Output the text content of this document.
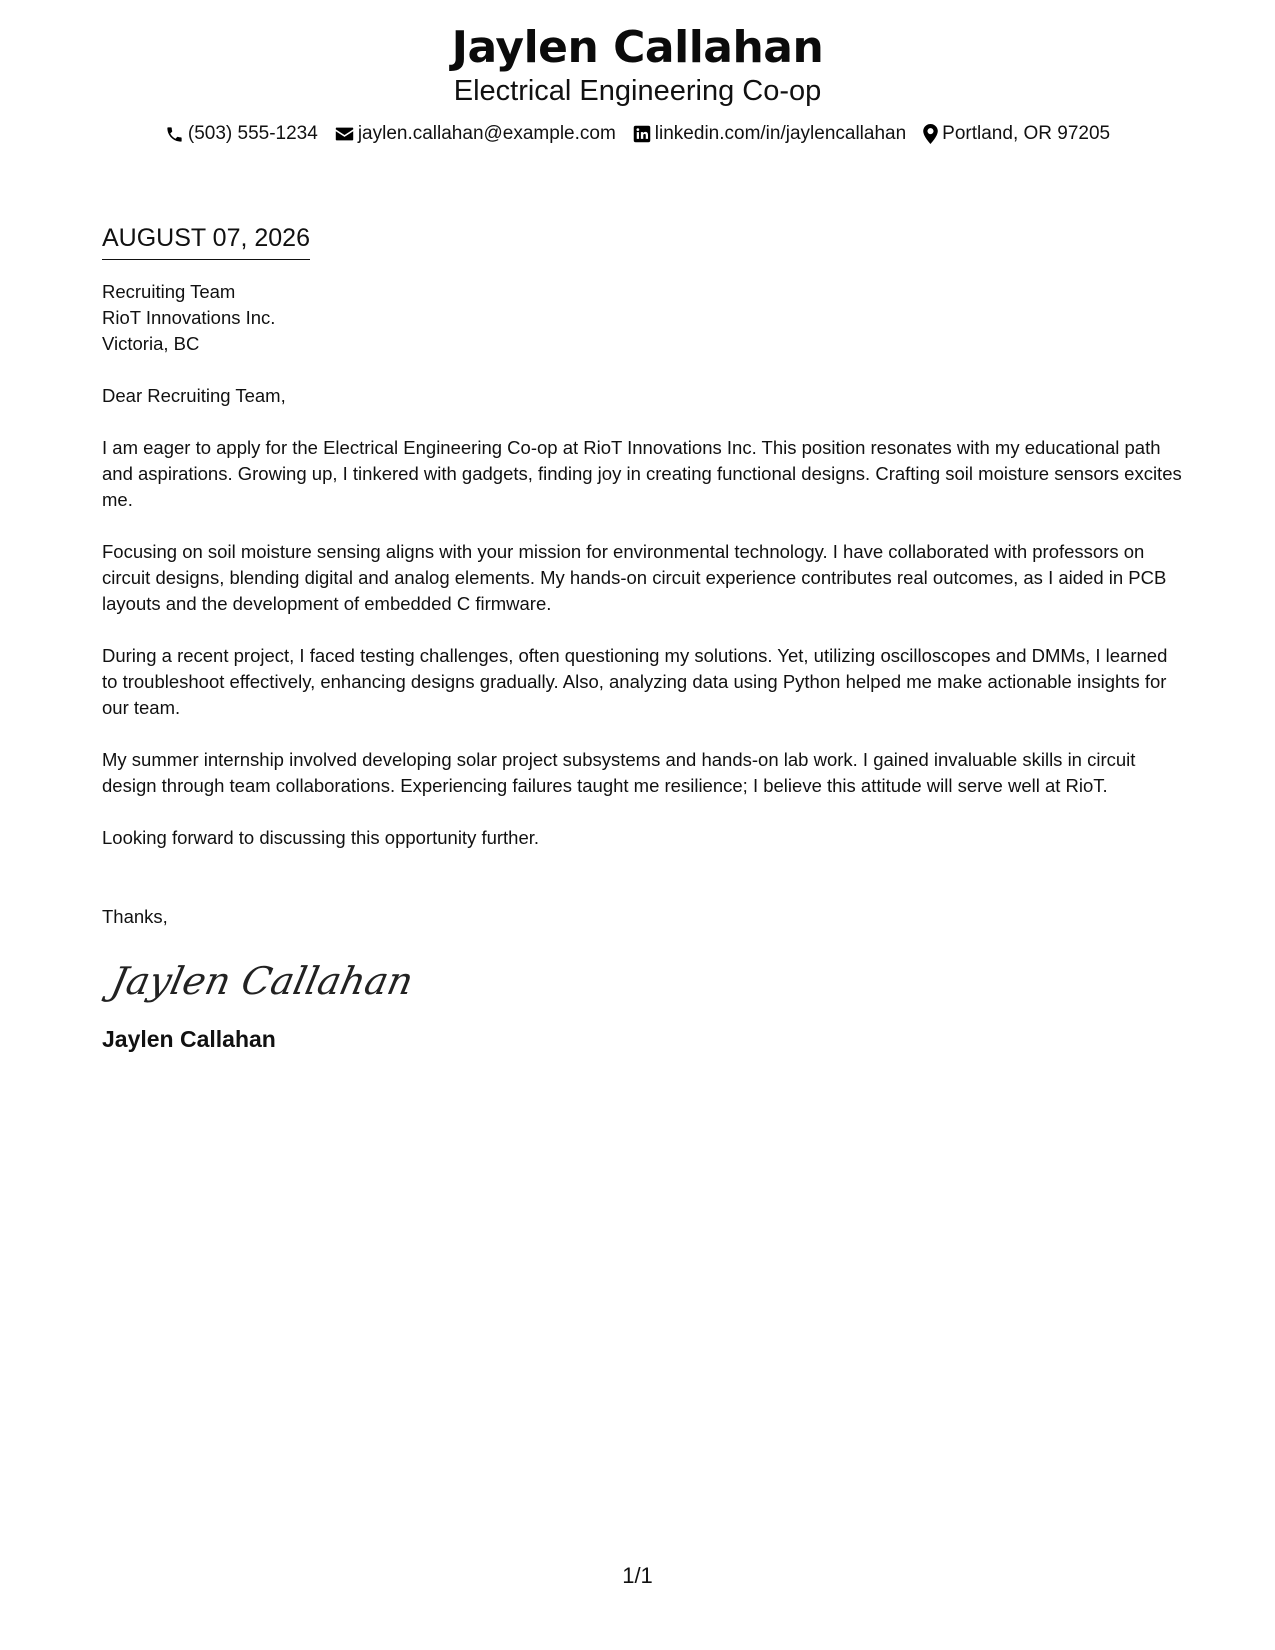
Jaylen Callahan
Electrical Engineering Co-op
(503) 555-1234 jaylen.callahan@example.com linkedin.com/in/jaylencallahan Portland, OR 97205
AUGUST 07, 2026
Recruiting Team
RioT Innovations Inc.
Victoria, BC
Dear Recruiting Team,
I am eager to apply for the Electrical Engineering Co-op at RioT Innovations Inc. This position resonates with my educational path and aspirations. Growing up, I tinkered with gadgets, finding joy in creating functional designs. Crafting soil moisture sensors excites me.
Focusing on soil moisture sensing aligns with your mission for environmental technology. I have collaborated with professors on circuit designs, blending digital and analog elements. My hands-on circuit experience contributes real outcomes, as I aided in PCB layouts and the development of embedded C firmware.
During a recent project, I faced testing challenges, often questioning my solutions. Yet, utilizing oscilloscopes and DMMs, I learned to troubleshoot effectively, enhancing designs gradually. Also, analyzing data using Python helped me make actionable insights for our team.
My summer internship involved developing solar project subsystems and hands-on lab work. I gained invaluable skills in circuit design through team collaborations. Experiencing failures taught me resilience; I believe this attitude will serve well at RioT.
Looking forward to discussing this opportunity further.
Thanks,
Jaylen Callahan
Jaylen Callahan
1/1
